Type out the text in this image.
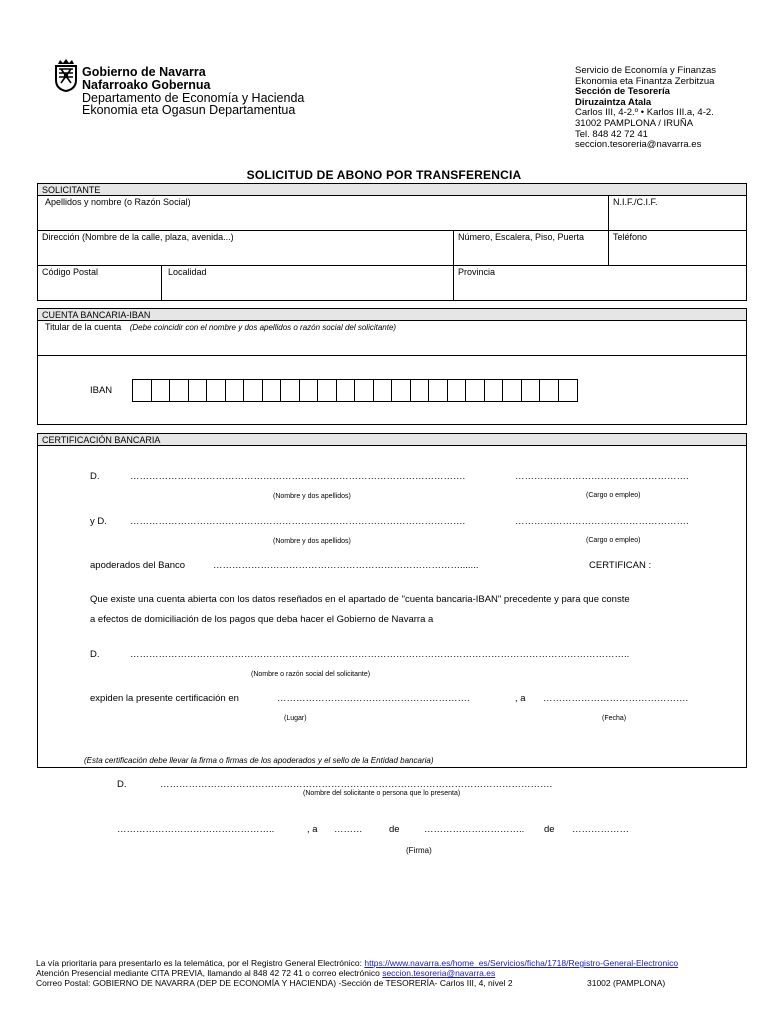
Gobierno de Navarra
Nafarroako Gobernua
Departamento de Economía y Hacienda
Ekonomia eta Ogasun Departamentua
Servicio de Economía y Finanzas
Ekonomia eta Finantza Zerbitzua
Sección de Tesorería
Diruzaintza Atala
Carlos III, 4-2.º • Karlos III.a, 4-2.
31002 PAMPLONA / IRUÑA
Tel. 848 42 72 41
seccion.tesoreria@navarra.es
SOLICITUD DE ABONO POR TRANSFERENCIA
SOLICITANTE
Apellidos y nombre (o Razón Social)	N.I.F./C.I.F.
Dirección (Nombre de la calle, plaza, avenida...)	Número, Escalera, Piso, Puerta	Teléfono
Código Postal	Localidad	Provincia
CUENTA BANCARIA-IBAN
Titular de la cuenta (Debe coincidir con el nombre y dos apellidos o razón social del solicitante)
IBAN
CERTIFICACIÓN BANCARIA
D.	…………………………………………………………………………………………….	……………………………………………….
(Nombre y dos apellidos)	(Cargo o empleo)
y D. …………………………………………………………………………………………….	……………………………………………….
(Nombre y dos apellidos)	(Cargo o empleo)
apoderados del Banco	…………………………………………………………………….......	CERTIFICAN :
Que existe una cuenta abierta con los datos reseñados en el apartado de "cuenta bancaria-IBAN" precedente y para que conste
a efectos de domiciliación de los pagos que deba hacer el Gobierno de Navarra a
D.	…………………………………………………………………………………………………………………………………………..
(Nombre o razón social del solicitante)
expiden la presente certificación en	…………………………………………………….	, a ……………………………………….
(Lugar)	(Fecha)
(Esta certificación debe llevar la firma o firmas de los apoderados y el sello de la Entidad bancaria)
D.	…………………………………………………………………………………………………………….
(Nombre del solicitante o persona que lo presenta)
…………………………………………..	, a ………	de	………………………….. de ………………
(Firma)
La vía prioritaria para presentarlo es la telemática, por el Registro General Electrónico: https://www.navarra.es/home_es/Servicios/ficha/1718/Registro-General-Electronico
Atención Presencial mediante CITA PREVIA, llamando al 848 42 72 41 o correo electrónico seccion.tesoreria@navarra.es
Correo Postal: GOBIERNO DE NAVARRA (DEP DE ECONOMÍA Y HACIENDA) -Sección de TESORERÍA- Carlos III, 4, nivel 2	31002 (PAMPLONA)
